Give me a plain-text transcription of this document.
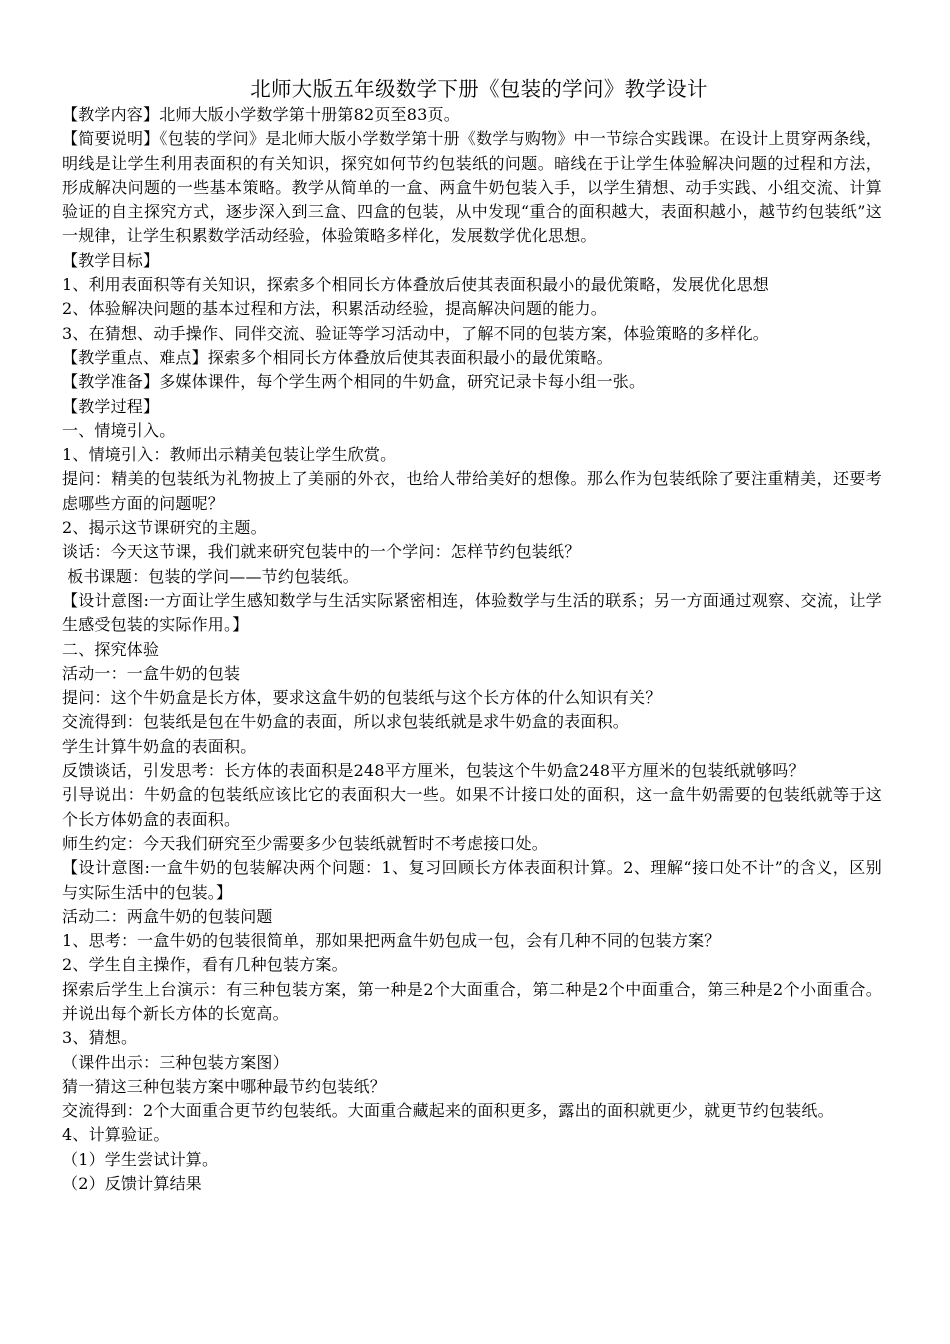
北师大版五年级数学下册《包装的学问》教学设计

【教学内容】北师大版小学数学第十册第82页至83页。

【简要说明】《包装的学问》是北师大版小学数学第十册《数学与购物》中一节综合实践课。在设计上贯穿两条线，明线是让学生利用表面积的有关知识，探究如何节约包装纸的问题。暗线在于让学生体验解决问题的过程和方法，形成解决问题的一些基本策略。教学从简单的一盒、两盒牛奶包装入手，以学生猜想、动手实践、小组交流、计算验证的自主探究方式，逐步深入到三盒、四盒的包装，从中发现“重合的面积越大，表面积越小，越节约包装纸”这一规律，让学生积累数学活动经验，体验策略多样化，发展数学优化思想。

【教学目标】

1、利用表面积等有关知识，探索多个相同长方体叠放后使其表面积最小的最优策略，发展优化思想

2、体验解决问题的基本过程和方法，积累活动经验，提高解决问题的能力。

3、在猜想、动手操作、同伴交流、验证等学习活动中，了解不同的包装方案，体验策略的多样化。

【教学重点、难点】探索多个相同长方体叠放后使其表面积最小的最优策略。

【教学准备】多媒体课件，每个学生两个相同的牛奶盒，研究记录卡每小组一张。

【教学过程】

一、情境引入。

1、情境引入：教师出示精美包装让学生欣赏。

提问：精美的包装纸为礼物披上了美丽的外衣，也给人带给美好的想像。那么作为包装纸除了要注重精美，还要考虑哪些方面的问题呢？

2、揭示这节课研究的主题。

谈话：今天这节课，我们就来研究包装中的一个学问：怎样节约包装纸？

板书课题：包装的学问——节约包装纸。

【设计意图:一方面让学生感知数学与生活实际紧密相连，体验数学与生活的联系；另一方面通过观察、交流，让学生感受包装的实际作用。】

二、探究体验

活动一：一盒牛奶的包装

提问：这个牛奶盒是长方体，要求这盒牛奶的包装纸与这个长方体的什么知识有关？

交流得到：包装纸是包在牛奶盒的表面，所以求包装纸就是求牛奶盒的表面积。

学生计算牛奶盒的表面积。

反馈谈话，引发思考：长方体的表面积是248平方厘米，包装这个牛奶盒248平方厘米的包装纸就够吗？

引导说出：牛奶盒的包装纸应该比它的表面积大一些。如果不计接口处的面积，这一盒牛奶需要的包装纸就等于这个长方体奶盒的表面积。

师生约定：今天我们研究至少需要多少包装纸就暂时不考虑接口处。

【设计意图:一盒牛奶的包装解决两个问题：1、复习回顾长方体表面积计算。2、理解“接口处不计”的含义，区别与实际生活中的包装。】

活动二：两盒牛奶的包装问题

1、思考：一盒牛奶的包装很简单，那如果把两盒牛奶包成一包，会有几种不同的包装方案？

2、学生自主操作，看有几种包装方案。

探索后学生上台演示：有三种包装方案，第一种是2个大面重合，第二种是2个中面重合，第三种是2个小面重合。并说出每个新长方体的长宽高。

3、猜想。

（课件出示：三种包装方案图）

猜一猜这三种包装方案中哪种最节约包装纸？

交流得到：2个大面重合更节约包装纸。大面重合藏起来的面积更多，露出的面积就更少，就更节约包装纸。

4、计算验证。

（1）学生尝试计算。

（2）反馈计算结果
